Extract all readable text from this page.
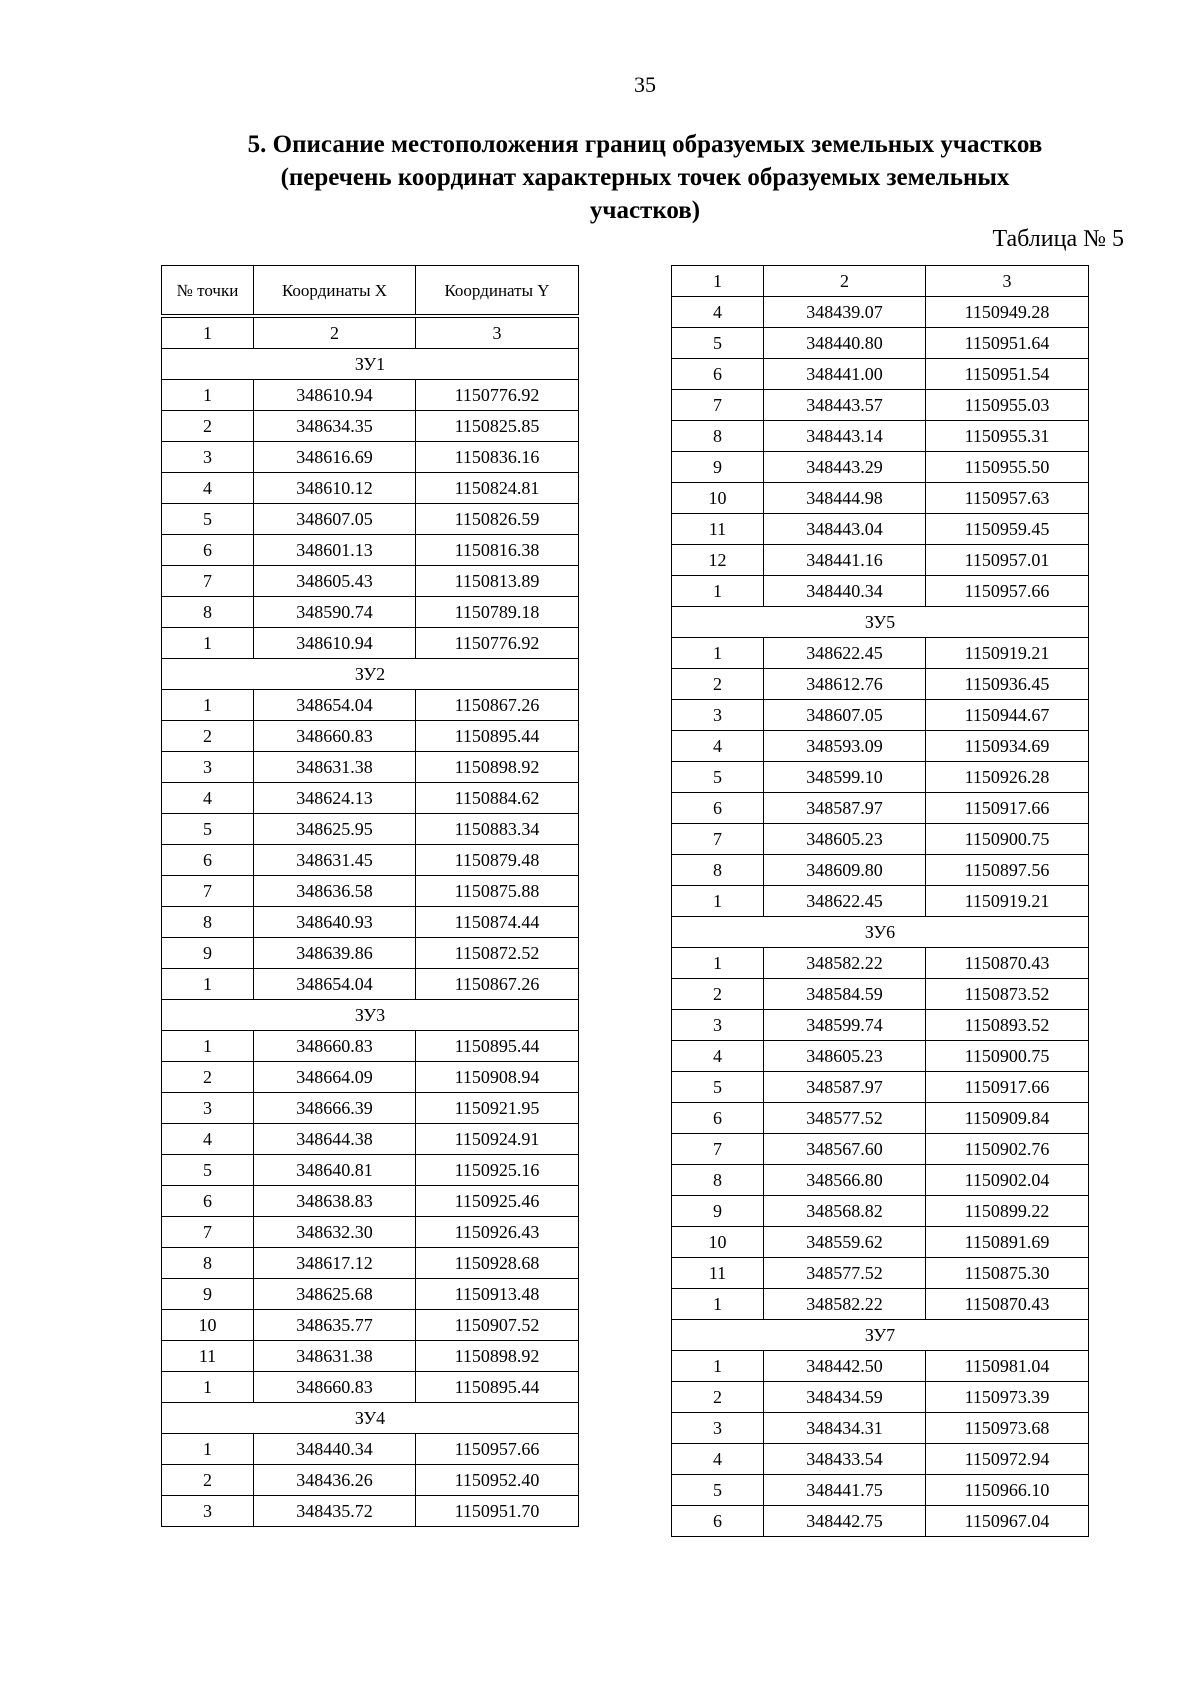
35
5. Описание местоположения границ образуемых земельных участков
(перечень координат характерных точек образуемых земельных
участков)
Таблица № 5
№ точки	Координаты X	Координаты Y

1	2	3
ЗУ1		
1	348610.94	1150776.92
2	348634.35	1150825.85
3	348616.69	1150836.16
4	348610.12	1150824.81
5	348607.05	1150826.59
6	348601.13	1150816.38
7	348605.43	1150813.89
8	348590.74	1150789.18
1	348610.94	1150776.92
ЗУ2		
1	348654.04	1150867.26
2	348660.83	1150895.44
3	348631.38	1150898.92
4	348624.13	1150884.62
5	348625.95	1150883.34
6	348631.45	1150879.48
7	348636.58	1150875.88
8	348640.93	1150874.44
9	348639.86	1150872.52
1	348654.04	1150867.26
ЗУ3		
1	348660.83	1150895.44
2	348664.09	1150908.94
3	348666.39	1150921.95
4	348644.38	1150924.91
5	348640.81	1150925.16
6	348638.83	1150925.46
7	348632.30	1150926.43
8	348617.12	1150928.68
9	348625.68	1150913.48
10	348635.77	1150907.52
11	348631.38	1150898.92
1	348660.83	1150895.44
ЗУ4		
1	348440.34	1150957.66
2	348436.26	1150952.40
3	348435.72	1150951.70
1	2	3
4	348439.07	1150949.28
5	348440.80	1150951.64
6	348441.00	1150951.54
7	348443.57	1150955.03
8	348443.14	1150955.31
9	348443.29	1150955.50
10	348444.98	1150957.63
11	348443.04	1150959.45
12	348441.16	1150957.01
1	348440.34	1150957.66
ЗУ5		
1	348622.45	1150919.21
2	348612.76	1150936.45
3	348607.05	1150944.67
4	348593.09	1150934.69
5	348599.10	1150926.28
6	348587.97	1150917.66
7	348605.23	1150900.75
8	348609.80	1150897.56
1	348622.45	1150919.21
ЗУ6		
1	348582.22	1150870.43
2	348584.59	1150873.52
3	348599.74	1150893.52
4	348605.23	1150900.75
5	348587.97	1150917.66
6	348577.52	1150909.84
7	348567.60	1150902.76
8	348566.80	1150902.04
9	348568.82	1150899.22
10	348559.62	1150891.69
11	348577.52	1150875.30
1	348582.22	1150870.43
ЗУ7		
1	348442.50	1150981.04
2	348434.59	1150973.39
3	348434.31	1150973.68
4	348433.54	1150972.94
5	348441.75	1150966.10
6	348442.75	1150967.04
